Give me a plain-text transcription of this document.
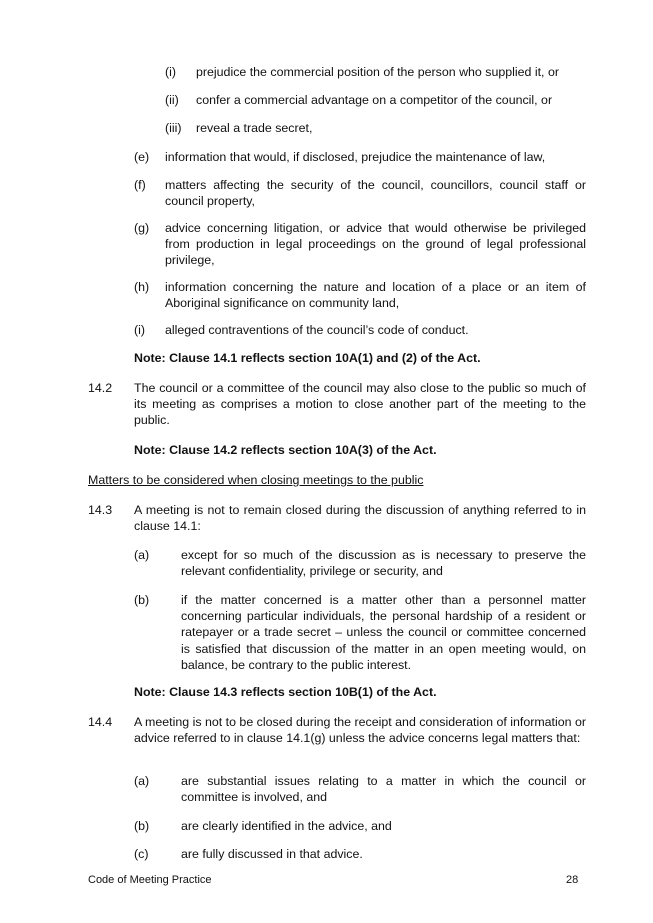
(i) prejudice the commercial position of the person who supplied it, or
(ii) confer a commercial advantage on a competitor of the council, or
(iii) reveal a trade secret,
(e) information that would, if disclosed, prejudice the maintenance of law,
(f) matters affecting the security of the council, councillors, council staff or council property,
(g) advice concerning litigation, or advice that would otherwise be privileged from production in legal proceedings on the ground of legal professional privilege,
(h) information concerning the nature and location of a place or an item of Aboriginal significance on community land,
(i) alleged contraventions of the council’s code of conduct.
Note: Clause 14.1 reflects section 10A(1) and (2) of the Act.
14.2 The council or a committee of the council may also close to the public so much of its meeting as comprises a motion to close another part of the meeting to the public.
Note: Clause 14.2 reflects section 10A(3) of the Act.
Matters to be considered when closing meetings to the public
14.3 A meeting is not to remain closed during the discussion of anything referred to in clause 14.1:
(a)	except for so much of the discussion as is necessary to preserve the relevant confidentiality, privilege or security, and
(b)	if the matter concerned is a matter other than a personnel matter concerning particular individuals, the personal hardship of a resident or ratepayer or a trade secret – unless the council or committee concerned is satisfied that discussion of the matter in an open meeting would, on balance, be contrary to the public interest.
Note: Clause 14.3 reflects section 10B(1) of the Act.
14.4 A meeting is not to be closed during the receipt and consideration of information or advice referred to in clause 14.1(g) unless the advice concerns legal matters that:
(a)	are substantial issues relating to a matter in which the council or committee is involved, and
(b)	are clearly identified in the advice, and
(c)	are fully discussed in that advice.
Code of Meeting Practice	28
